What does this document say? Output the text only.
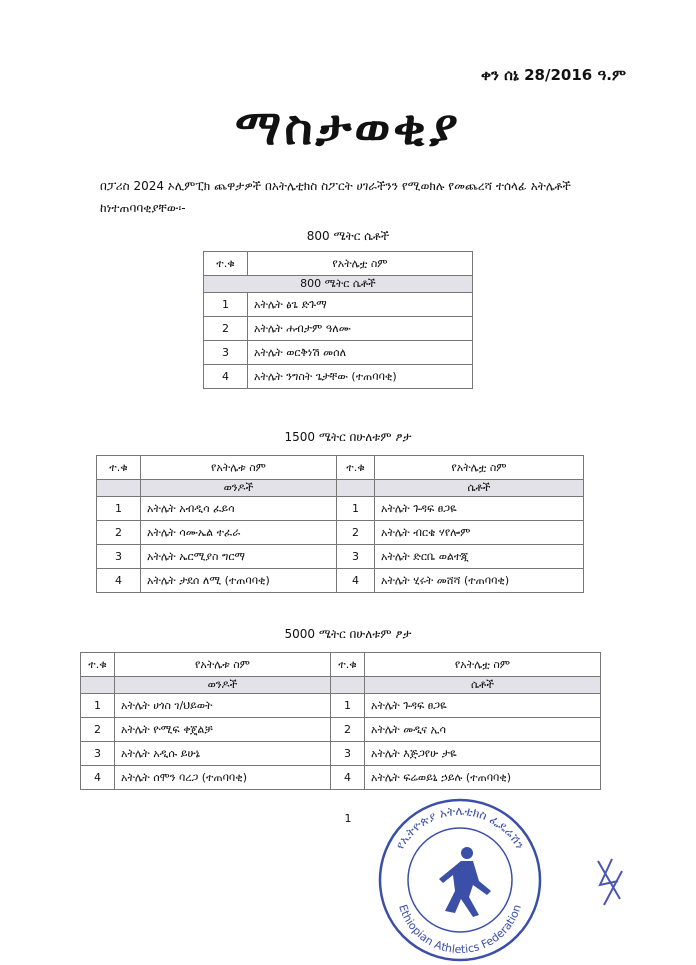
ቀን ሰኔ 28/2016 ዓ.ም
ማስታወቂያ
በፓሪስ 2024 ኦሊምፒክ ጨዋታዎች በአትሌቲክስ ስፖርት ሀገራችንን የሚወክሉ የመጨረሻ ተሰላፊ አትሌቶች ከነተጠባባቂያቸው፡-
800 ሜትር ሴቶች
ተ.ቁ	የአትሌቷ ስም
800 ሜትር ሴቶች	
1	አትሌት ፅጌ ድጉማ
2	አትሌት ሐብታም ዓለሙ
3	አትሌት ወርቅነሽ መሰለ
4	አትሌት ንግስት ጌታቸው (ተጠባባቂ)
1500 ሜትር በሁለቱም ፆታ
ተ.ቁ	የአትሌቱ ስም	ተ.ቁ	የአትሌቷ ስም
	ወንዶች		ሴቶች
1	አትሌት አብዲሳ ፈይሳ	1	አትሌት ጉዳፍ ፀጋዬ
2	አትሌት ሳሙኤል ተፈራ	2	አትሌት ብርቄ ሃየሎም
3	አትሌት ኤርሚያስ ግርማ	3	አትሌት ድርቤ ወልተጂ
4	አትሌት ታደሰ ለሚ (ተጠባባቂ)	4	አትሌት ሂሩት መሸሻ (ተጠባባቂ)
5000 ሜትር በሁለቱም ፆታ
ተ.ቁ	የአትሌቱ ስም	ተ.ቁ	የአትሌቷ ስም
	ወንዶች		ሴቶች
1	አትሌት ሀጎስ ገ/ህይወት	1	አትሌት ጉዳፍ ፀጋዬ
2	አትሌት ዮሚፍ ቀጄልቻ	2	አትሌት መዲና ኢሳ
3	አትሌት አዲሱ ይሁኔ	3	አትሌት እጅጋየሁ ታዬ
4	አትሌት ሰሞን ባረጋ (ተጠባባቂ)	4	አትሌት ፍሬወይኒ ኃይሉ (ተጠባባቂ)
1
የኢትዮጵያ አትሌቲክስ ፌዴሬሽን
Ethiopian Athletics Federation
